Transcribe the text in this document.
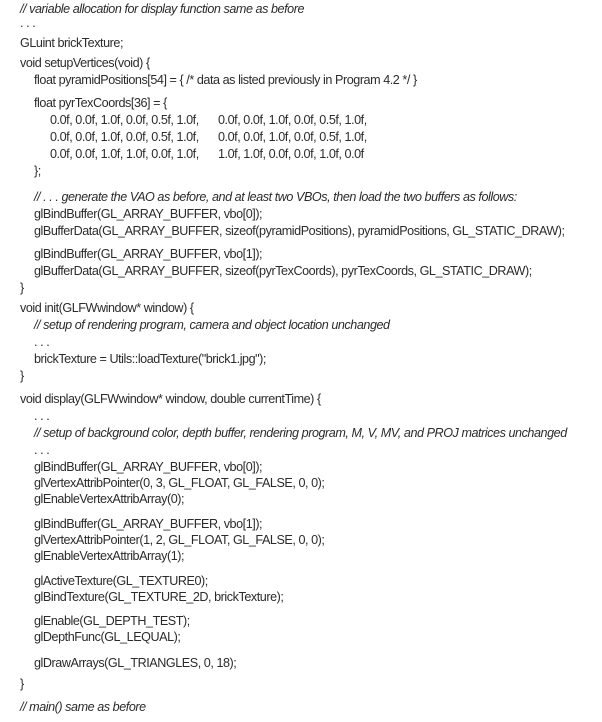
// variable allocation for display function same as before
. . .
GLuint brickTexture;
void setupVertices(void) {
float pyramidPositions[54] = { /* data as listed previously in Program 4.2 */ }
float pyrTexCoords[36] = {
0.0f, 0.0f, 1.0f, 0.0f, 0.5f, 1.0f, 0.0f, 0.0f, 1.0f, 0.0f, 0.5f, 1.0f,
0.0f, 0.0f, 1.0f, 0.0f, 0.5f, 1.0f, 0.0f, 0.0f, 1.0f, 0.0f, 0.5f, 1.0f,
0.0f, 0.0f, 1.0f, 1.0f, 0.0f, 1.0f, 1.0f, 1.0f, 0.0f, 0.0f, 1.0f, 0.0f
};
// . . . generate the VAO as before, and at least two VBOs, then load the two buffers as follows:
glBindBuffer(GL_ARRAY_BUFFER, vbo[0]);
glBufferData(GL_ARRAY_BUFFER, sizeof(pyramidPositions), pyramidPositions, GL_STATIC_DRAW);
glBindBuffer(GL_ARRAY_BUFFER, vbo[1]);
glBufferData(GL_ARRAY_BUFFER, sizeof(pyrTexCoords), pyrTexCoords, GL_STATIC_DRAW);
}
void init(GLFWwindow* window) {
// setup of rendering program, camera and object location unchanged
. . .
brickTexture = Utils::loadTexture("brick1.jpg");
}
void display(GLFWwindow* window, double currentTime) {
. . .
// setup of background color, depth buffer, rendering program, M, V, MV, and PROJ matrices unchanged
. . .
glBindBuffer(GL_ARRAY_BUFFER, vbo[0]);
glVertexAttribPointer(0, 3, GL_FLOAT, GL_FALSE, 0, 0);
glEnableVertexAttribArray(0);
glBindBuffer(GL_ARRAY_BUFFER, vbo[1]);
glVertexAttribPointer(1, 2, GL_FLOAT, GL_FALSE, 0, 0);
glEnableVertexAttribArray(1);
glActiveTexture(GL_TEXTURE0);
glBindTexture(GL_TEXTURE_2D, brickTexture);
glEnable(GL_DEPTH_TEST);
glDepthFunc(GL_LEQUAL);
glDrawArrays(GL_TRIANGLES, 0, 18);
}
// main() same as before
